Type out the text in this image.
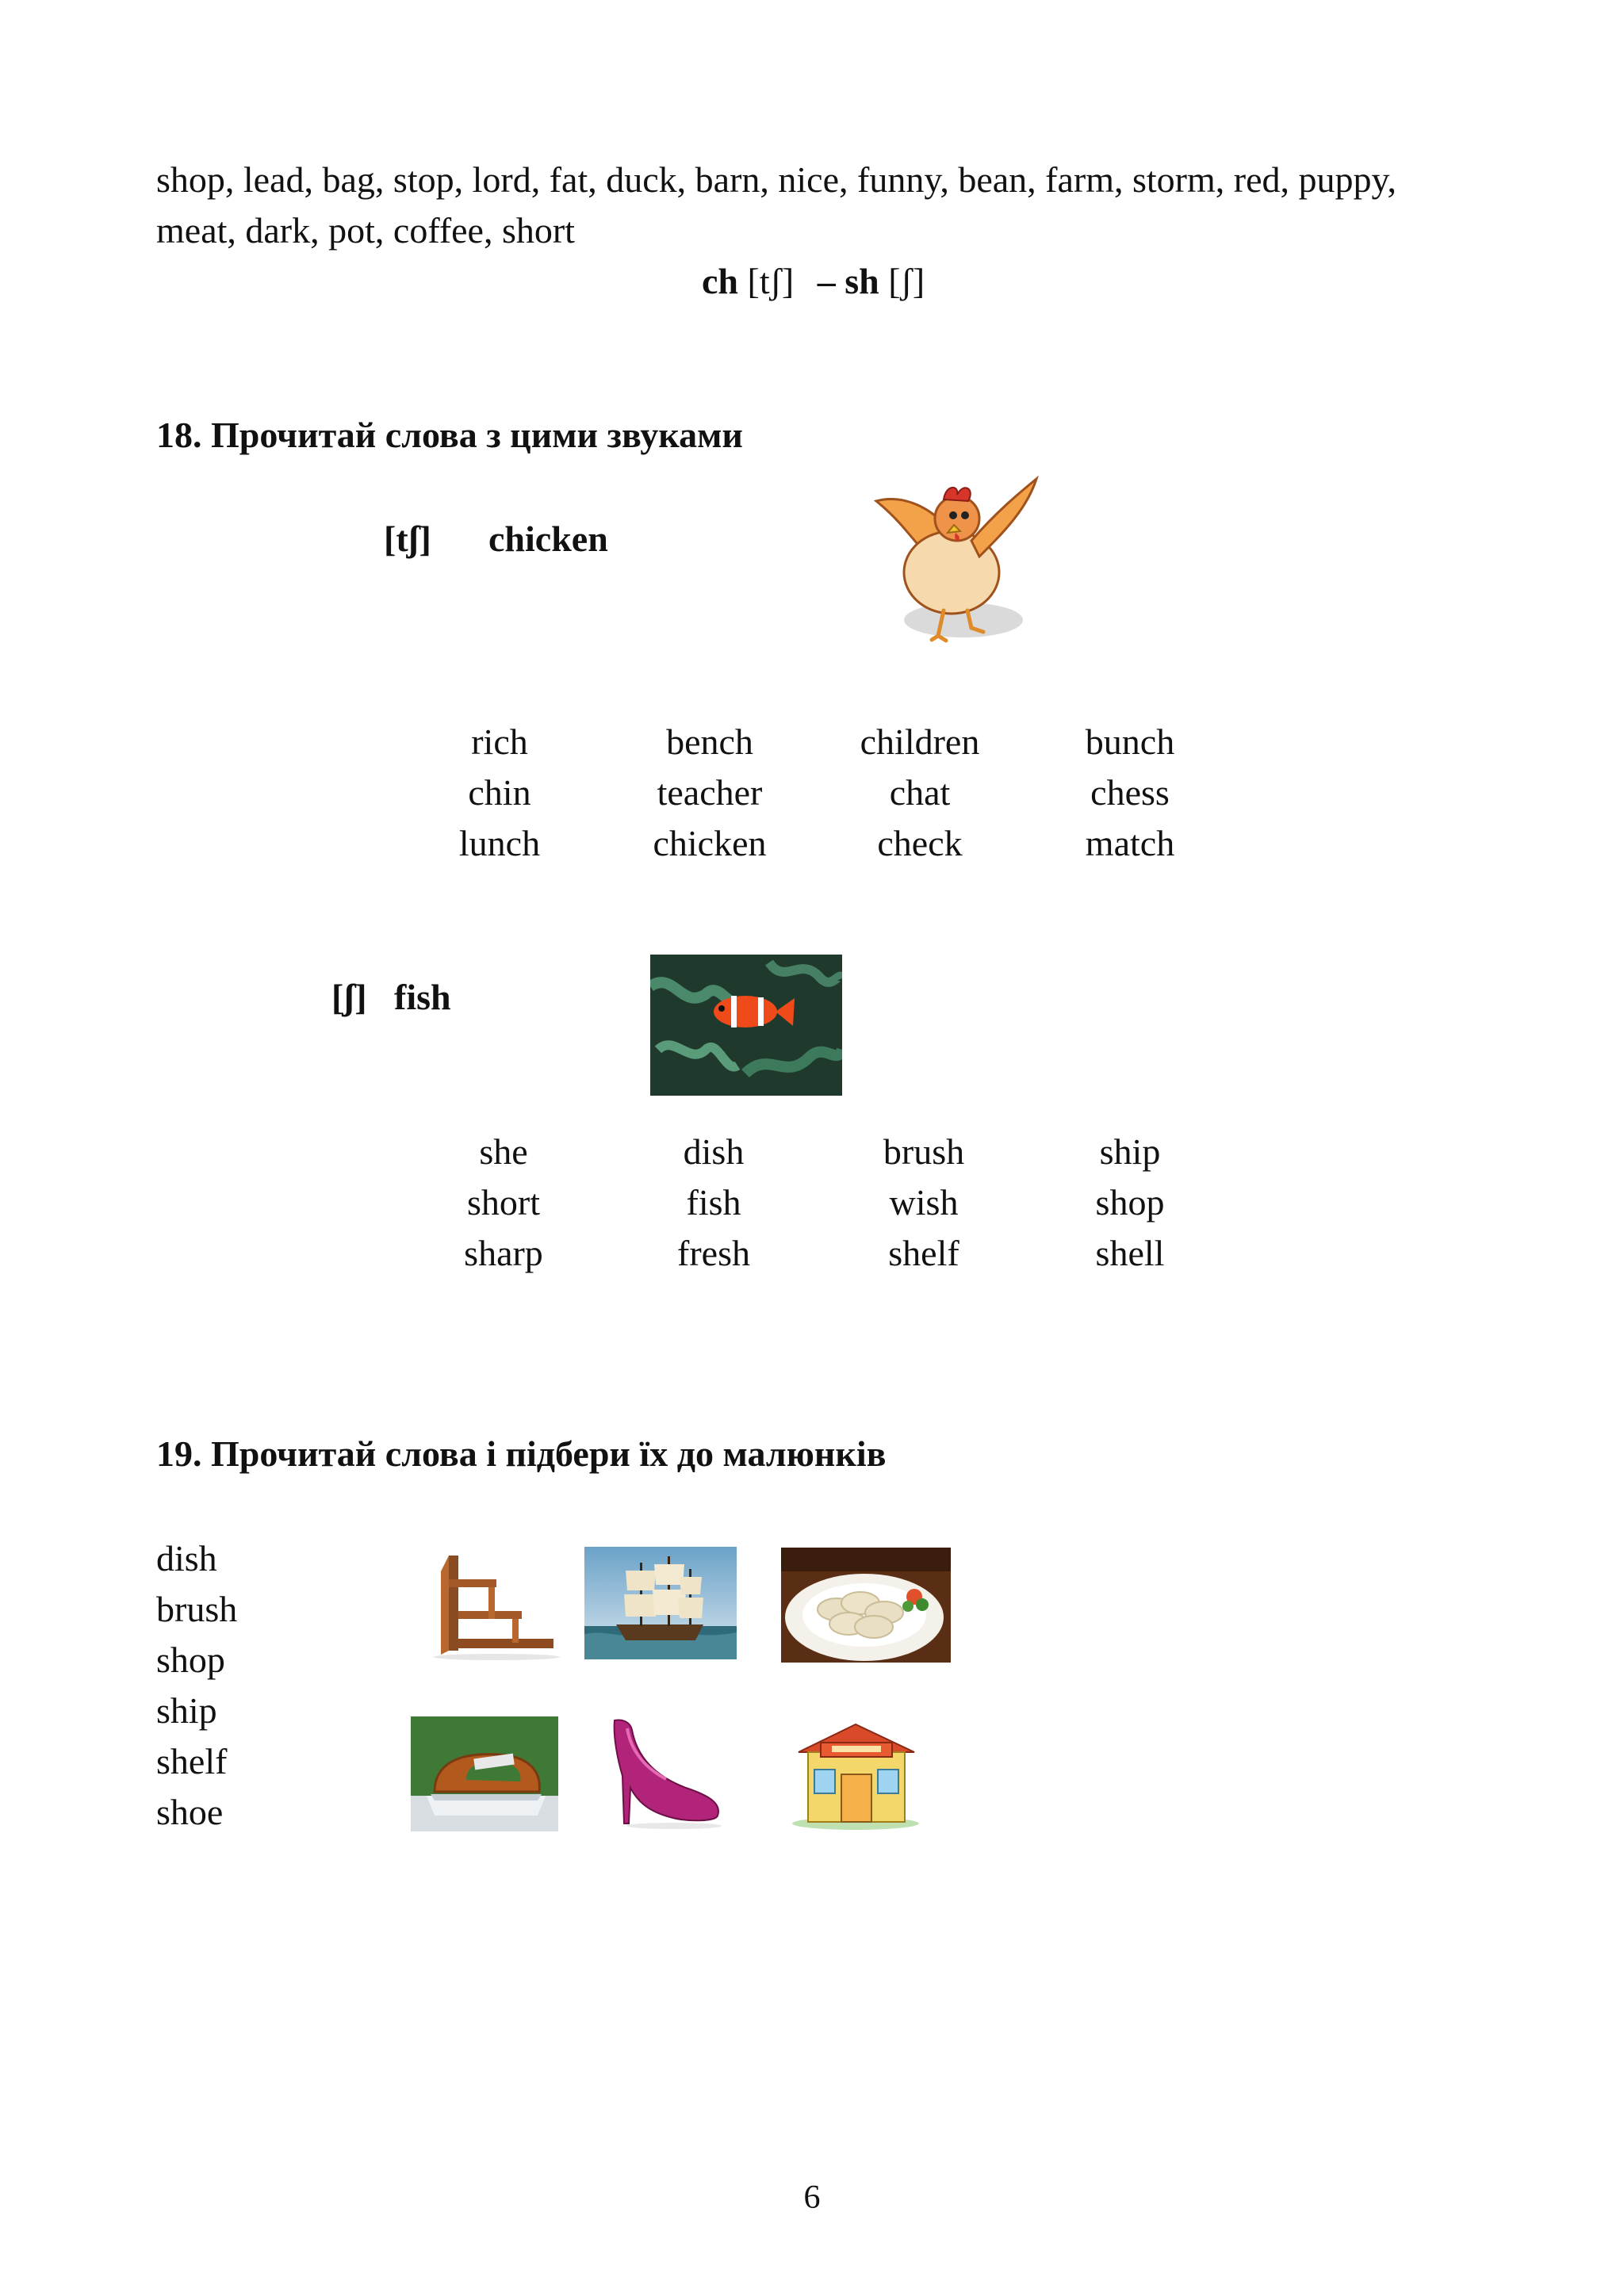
shop, lead, bag, stop, lord, fat, duck, barn, nice, funny, bean, farm, storm, red, puppy,
meat, dark, pot, coffee, short
ch [tʃ] – sh [ʃ]
18. Прочитай слова з цими звуками
[tʃ] chicken
rich
chin
lunch
bench
teacher
chicken
children
chat
check
bunch
chess
match
[ʃ] fish
she
short
sharp
dish
fish
fresh
brush
wish
shelf
ship
shop
shell
19. Прочитай слова і підбери їх до малюнків
dish
brush
shop
ship
shelf
shoe
6
